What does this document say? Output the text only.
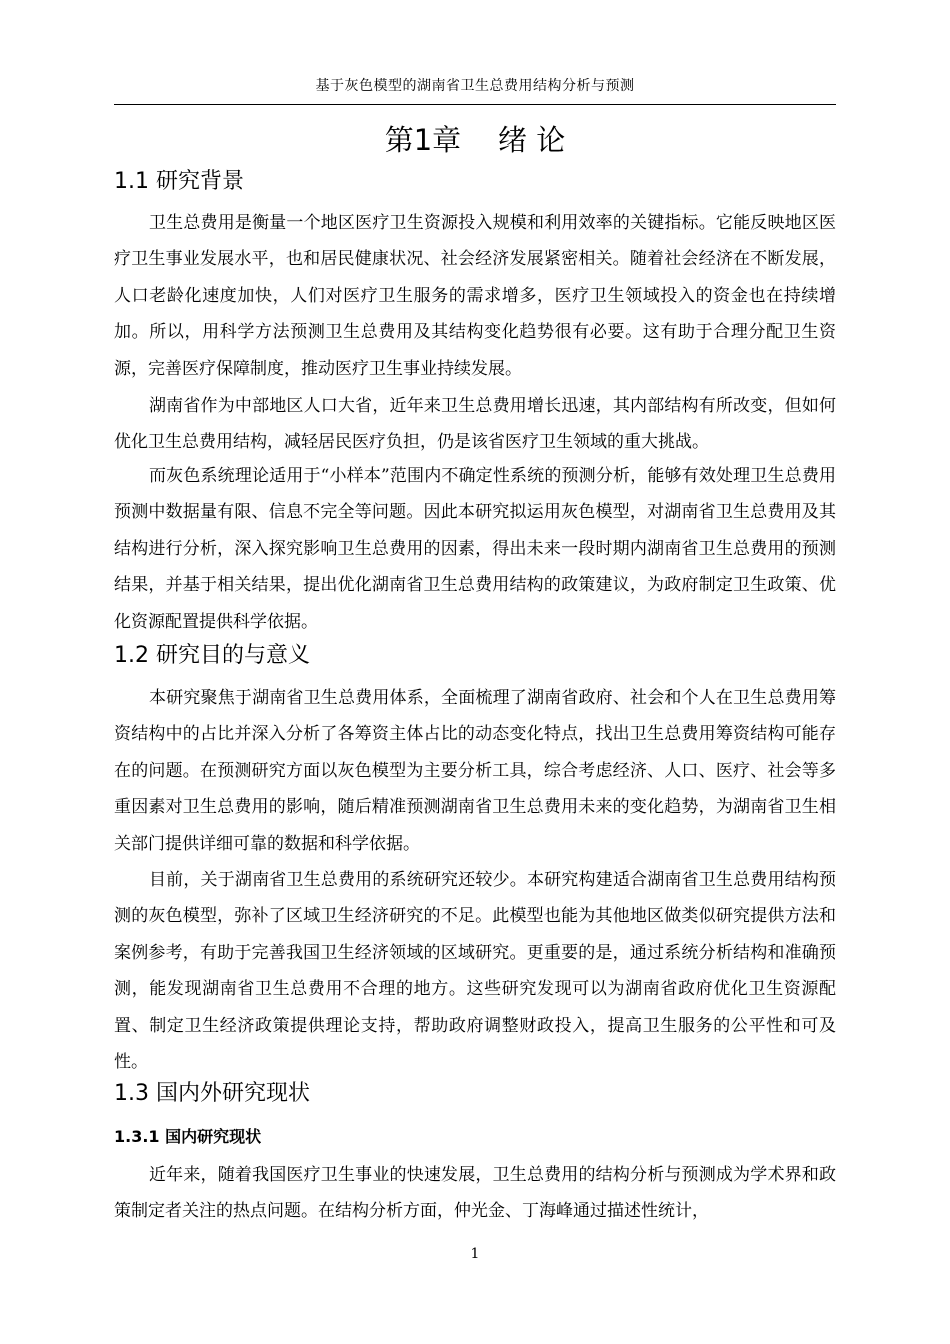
基于灰色模型的湖南省卫生总费用结构分析与预测
第1章    绪 论
1.1 研究背景

卫生总费用是衡量一个地区医疗卫生资源投入规模和利用效率的关键指标。它能反映地区医疗卫生事业发展水平，也和居民健康状况、社会经济发展紧密相关。随着社会经济在不断发展，人口老龄化速度加快，人们对医疗卫生服务的需求增多，医疗卫生领域投入的资金也在持续增加。所以，用科学方法预测卫生总费用及其结构变化趋势很有必要。这有助于合理分配卫生资源，完善医疗保障制度，推动医疗卫生事业持续发展。

湖南省作为中部地区人口大省，近年来卫生总费用增长迅速，其内部结构有所改变，但如何优化卫生总费用结构，减轻居民医疗负担，仍是该省医疗卫生领域的重大挑战。

而灰色系统理论适用于“小样本”范围内不确定性系统的预测分析，能够有效处理卫生总费用预测中数据量有限、信息不完全等问题。因此本研究拟运用灰色模型，对湖南省卫生总费用及其结构进行分析，深入探究影响卫生总费用的因素，得出未来一段时期内湖南省卫生总费用的预测结果，并基于相关结果，提出优化湖南省卫生总费用结构的政策建议，为政府制定卫生政策、优化资源配置提供科学依据。

1.2 研究目的与意义

本研究聚焦于湖南省卫生总费用体系，全面梳理了湖南省政府、社会和个人在卫生总费用筹资结构中的占比并深入分析了各筹资主体占比的动态变化特点，找出卫生总费用筹资结构可能存在的问题。在预测研究方面以灰色模型为主要分析工具，综合考虑经济、人口、医疗、社会等多重因素对卫生总费用的影响，随后精准预测湖南省卫生总费用未来的变化趋势，为湖南省卫生相关部门提供详细可靠的数据和科学依据。

目前，关于湖南省卫生总费用的系统研究还较少。本研究构建适合湖南省卫生总费用结构预测的灰色模型，弥补了区域卫生经济研究的不足。此模型也能为其他地区做类似研究提供方法和案例参考，有助于完善我国卫生经济领域的区域研究。更重要的是，通过系统分析结构和准确预测，能发现湖南省卫生总费用不合理的地方。这些研究发现可以为湖南省政府优化卫生资源配置、制定卫生经济政策提供理论支持，帮助政府调整财政投入，提高卫生服务的公平性和可及性。

1.3 国内外研究现状
1.3.1 国内研究现状

近年来，随着我国医疗卫生事业的快速发展，卫生总费用的结构分析与预测成为学术界和政策制定者关注的热点问题。在结构分析方面，仲光金、丁海峰通过描述性统计，

1
